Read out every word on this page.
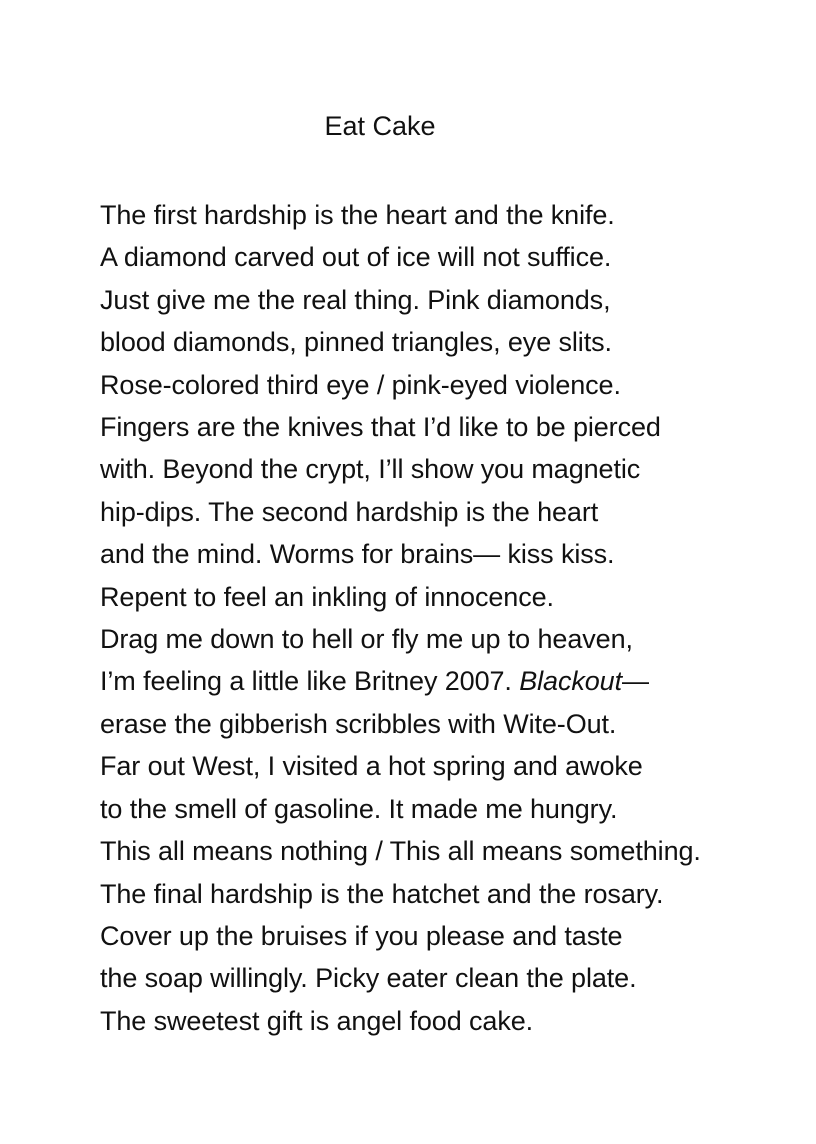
Eat Cake
The first hardship is the heart and the knife.
A diamond carved out of ice will not suffice.
Just give me the real thing. Pink diamonds,
blood diamonds, pinned triangles, eye slits.
Rose-colored third eye / pink-eyed violence.
Fingers are the knives that I’d like to be pierced
with. Beyond the crypt, I’ll show you magnetic
hip-dips. The second hardship is the heart
and the mind. Worms for brains— kiss kiss.
Repent to feel an inkling of innocence.
Drag me down to hell or fly me up to heaven,
I’m feeling a little like Britney 2007. Blackout—
erase the gibberish scribbles with Wite-Out.
Far out West, I visited a hot spring and awoke
to the smell of gasoline. It made me hungry.
This all means nothing / This all means something.
The final hardship is the hatchet and the rosary.
Cover up the bruises if you please and taste
the soap willingly. Picky eater clean the plate.
The sweetest gift is angel food cake.
